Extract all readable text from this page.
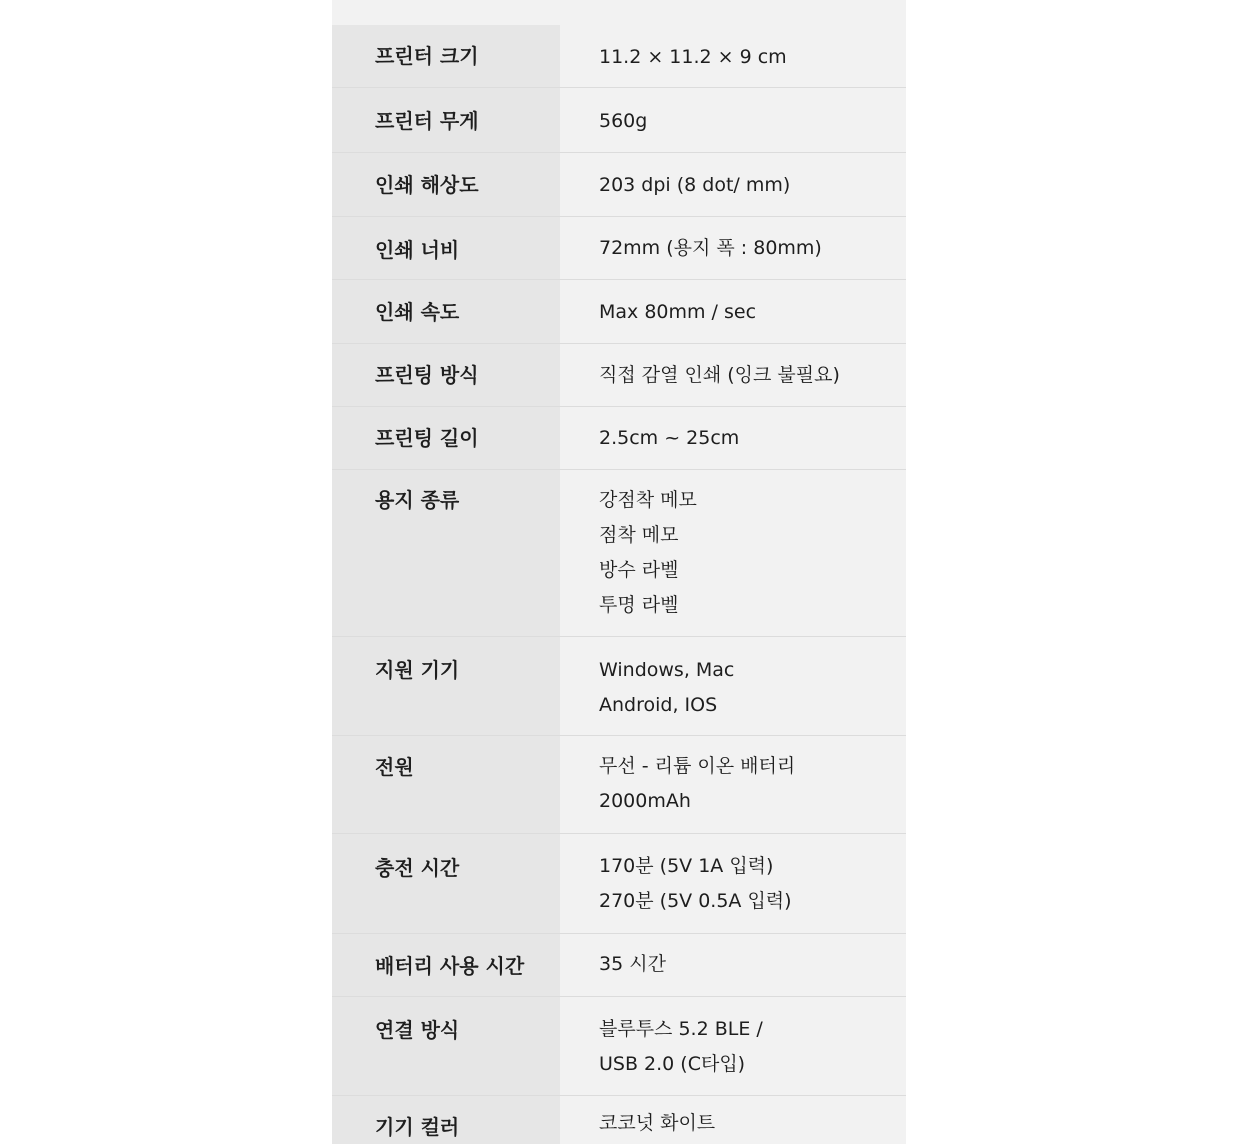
프린터 크기	11.2 × 11.2 × 9 cm
프린터 무게	560g
인쇄 해상도	203 dpi (8 dot/ mm)
인쇄 너비	72mm (용지 폭 : 80mm)
인쇄 속도	Max 80mm / sec
프린팅 방식	직접 감열 인쇄 (잉크 불필요)
프린팅 길이	2.5cm ~ 25cm
용지 종류	강점착 메모
점착 메모
방수 라벨
투명 라벨
지원 기기	Windows, Mac
Android, IOS
전원	무선 - 리튬 이온 배터리
2000mAh
충전 시간	170분 (5V 1A 입력)
270분 (5V 0.5A 입력)
배터리 사용 시간	35 시간
연결 방식	블루투스 5.2 BLE /
USB 2.0 (C타입)
기기 컬러	코코넛 화이트
